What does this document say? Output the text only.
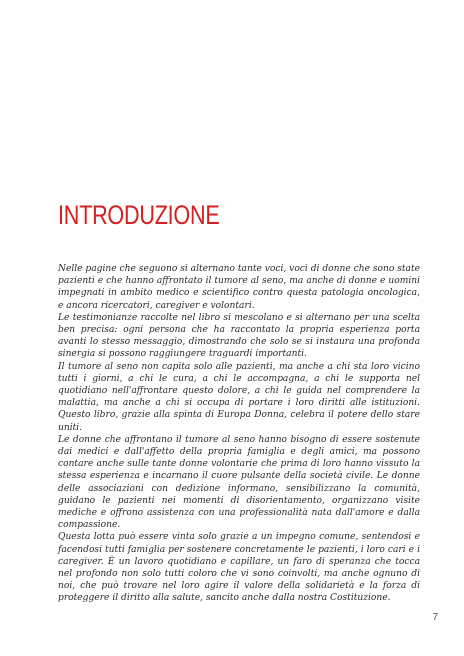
INTRODUZIONE

Nelle pagine che seguono si alternano tante voci, voci di donne che sono state pazienti e che hanno affrontato il tumore al seno, ma anche di donne e uomini impegnati in ambito medico e scientifico contro questa patologia oncologica, e ancora ricercatori, caregiver e volontari.

Le testimonianze raccolte nel libro si mescolano e si alternano per una scelta ben precisa: ogni persona che ha raccontato la propria esperienza porta avanti lo stesso messaggio, dimostrando che solo se si instaura una profonda sinergia si possono raggiungere traguardi importanti.

Il tumore al seno non capita solo alle pazienti, ma anche a chi sta loro vicino tutti i giorni, a chi le cura, a chi le accompagna, a chi le supporta nel quotidiano nell'affrontare questo dolore, a chi le guida nel comprendere la malattia, ma anche a chi si occupa di portare i loro diritti alle istituzioni. Questo libro, grazie alla spinta di Europa Donna, celebra il potere dello stare uniti.

Le donne che affrontano il tumore al seno hanno bisogno di essere sostenute dai medici e dall'affetto della propria famiglia e degli amici, ma possono contare anche sulle tante donne volontarie che prima di loro hanno vissuto la stessa esperienza e incarnano il cuore pulsante della società civile. Le donne delle associazioni con dedizione informano, sensibilizzano la comunità, guidano le pazienti nei momenti di disorientamento, organizzano visite mediche e offrono assistenza con una professionalità nata dall'amore e dalla compassione.

Questa lotta può essere vinta solo grazie a un impegno comune, sentendosi e facendosi tutti famiglia per sostenere concretamente le pazienti, i loro cari e i caregiver. È un lavoro quotidiano e capillare, un faro di speranza che tocca nel profondo non solo tutti coloro che vi sono coinvolti, ma anche ognuno di noi, che può trovare nel loro agire il valore della solidarietà e la forza di proteggere il diritto alla salute, sancito anche dalla nostra Costituzione.

7
